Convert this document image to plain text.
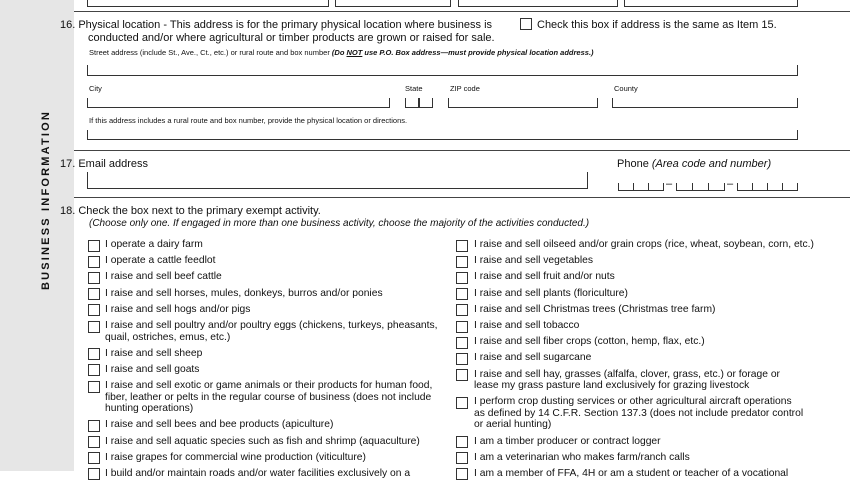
BUSINESS INFORMATION
16. Physical location - This address is for the primary physical location where business is
conducted and/or where agricultural or timber products are grown or raised for sale.
Check this box if address is the same as Item 15.
Street address (include St., Ave., Ct., etc.) or rural route and box number (Do NOT use P.O. Box address—must provide physical location address.)
City	State	ZIP code	County
If this address includes a rural route and box number, provide the physical location or directions.
17. Email address	Phone (Area code and number)
–	–
18. Check the box next to the primary exempt activity.
(Choose only one. If engaged in more than one business activity, choose the majority of the activities conducted.)
I operate a dairy farm
I operate a cattle feedlot
I raise and sell beef cattle
I raise and sell horses, mules, donkeys, burros and/or ponies
I raise and sell hogs and/or pigs
I raise and sell poultry and/or poultry eggs (chickens, turkeys, pheasants,
quail, ostriches, emus, etc.)
I raise and sell sheep
I raise and sell goats
I raise and sell exotic or game animals or their products for human food,
fiber, leather or pelts in the regular course of business (does not include
hunting operations)
I raise and sell bees and bee products (apiculture)
I raise and sell aquatic species such as fish and shrimp (aquaculture)
I raise grapes for commercial wine production (viticulture)
I build and/or maintain roads and/or water facilities exclusively on a
I raise and sell oilseed and/or grain crops (rice, wheat, soybean, corn, etc.)
I raise and sell vegetables
I raise and sell fruit and/or nuts
I raise and sell plants (floriculture)
I raise and sell Christmas trees (Christmas tree farm)
I raise and sell tobacco
I raise and sell fiber crops (cotton, hemp, flax, etc.)
I raise and sell sugarcane
I raise and sell hay, grasses (alfalfa, clover, grass, etc.) or forage or
lease my grass pasture land exclusively for grazing livestock
I perform crop dusting services or other agricultural aircraft operations
as defined by 14 C.F.R. Section 137.3 (does not include predator control
or aerial hunting)
I am a timber producer or contract logger
I am a veterinarian who makes farm/ranch calls
I am a member of FFA, 4H or am a student or teacher of a vocational
